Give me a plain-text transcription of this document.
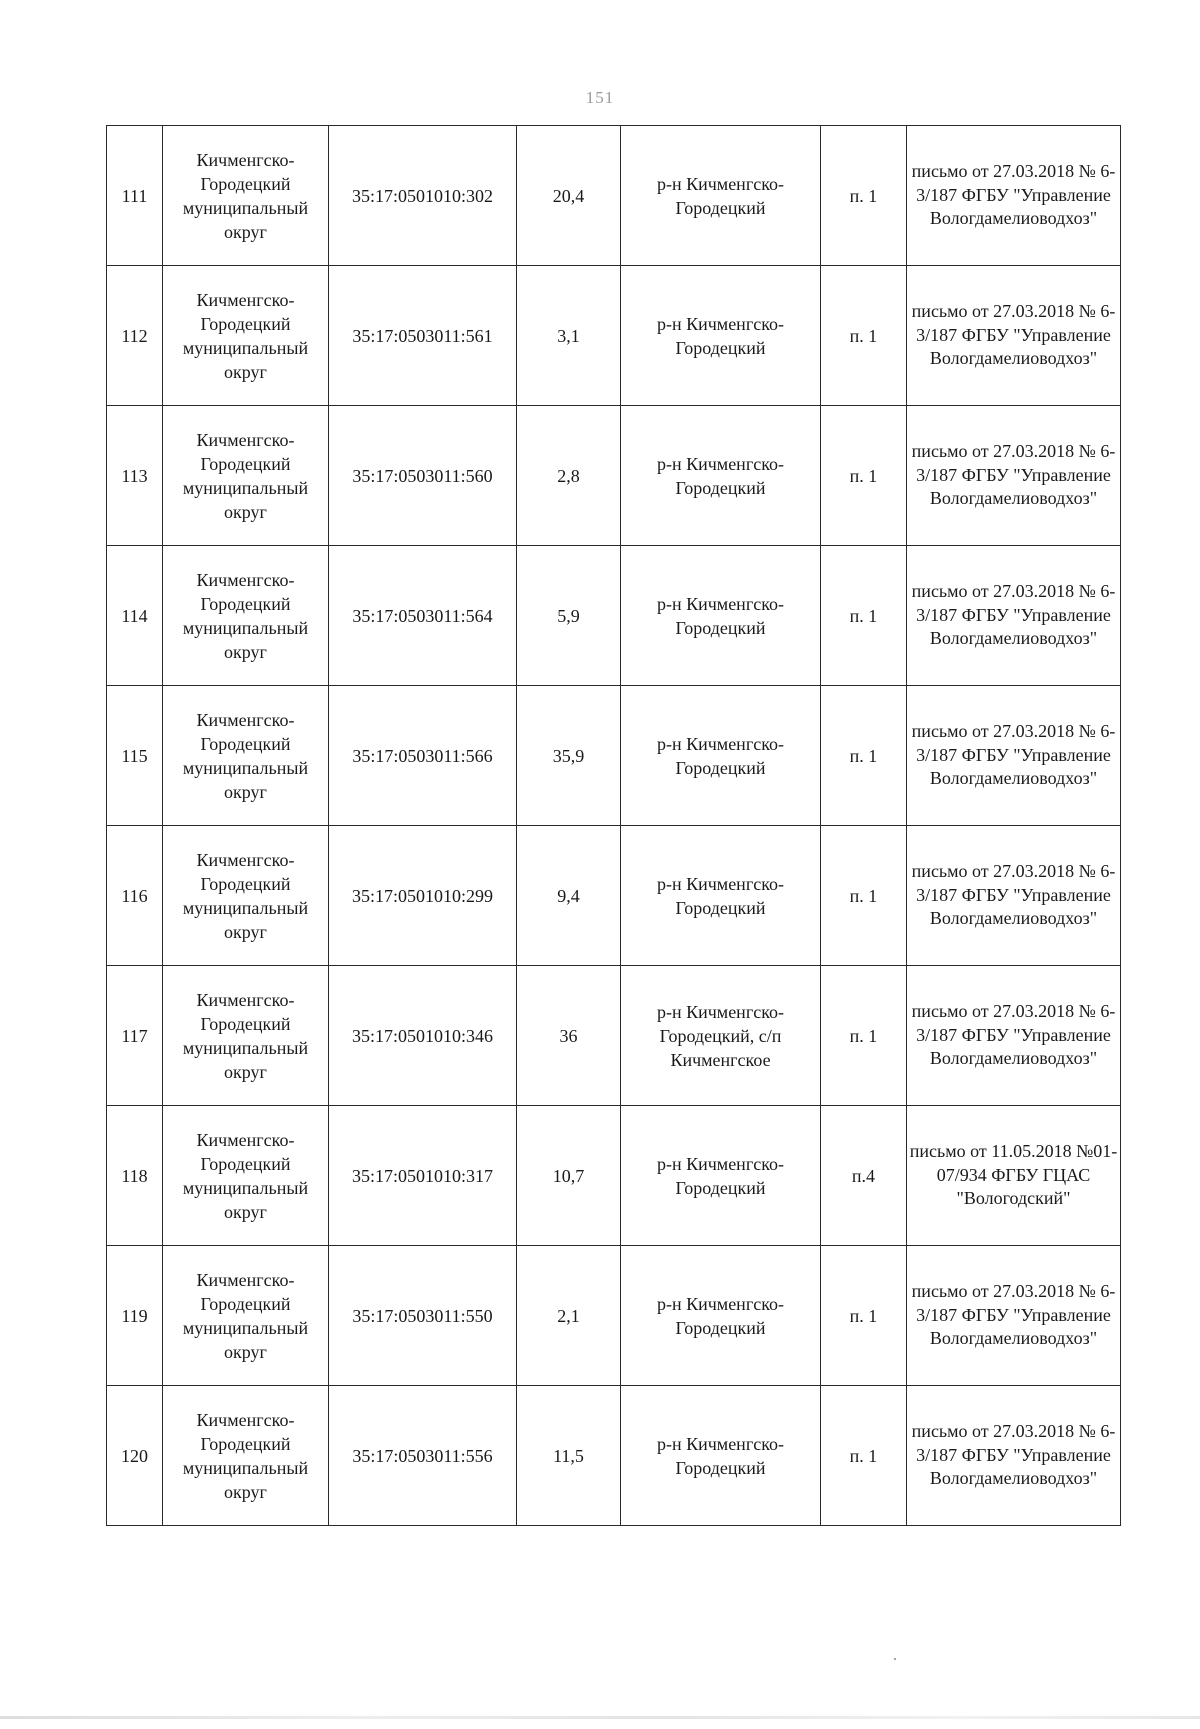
151
111	Кичменгско-Городецкий муниципальный округ	35:17:0501010:302	20,4	р-н Кичменгско-Городецкий	п. 1	письмо от 27.03.2018 № 6-3/187 ФГБУ "Управление Вологдамелиоводхоз"
112	Кичменгско-Городецкий муниципальный округ	35:17:0503011:561	3,1	р-н Кичменгско-Городецкий	п. 1	письмо от 27.03.2018 № 6-3/187 ФГБУ "Управление Вологдамелиоводхоз"
113	Кичменгско-Городецкий муниципальный округ	35:17:0503011:560	2,8	р-н Кичменгско-Городецкий	п. 1	письмо от 27.03.2018 № 6-3/187 ФГБУ "Управление Вологдамелиоводхоз"
114	Кичменгско-Городецкий муниципальный округ	35:17:0503011:564	5,9	р-н Кичменгско-Городецкий	п. 1	письмо от 27.03.2018 № 6-3/187 ФГБУ "Управление Вологдамелиоводхоз"
115	Кичменгско-Городецкий муниципальный округ	35:17:0503011:566	35,9	р-н Кичменгско-Городецкий	п. 1	письмо от 27.03.2018 № 6-3/187 ФГБУ "Управление Вологдамелиоводхоз"
116	Кичменгско-Городецкий муниципальный округ	35:17:0501010:299	9,4	р-н Кичменгско-Городецкий	п. 1	письмо от 27.03.2018 № 6-3/187 ФГБУ "Управление Вологдамелиоводхоз"
117	Кичменгско-Городецкий муниципальный округ	35:17:0501010:346	36	р-н Кичменгско-Городецкий, с/п Кичменгское	п. 1	письмо от 27.03.2018 № 6-3/187 ФГБУ "Управление Вологдамелиоводхоз"
118	Кичменгско-Городецкий муниципальный округ	35:17:0501010:317	10,7	р-н Кичменгско-Городецкий	п.4	письмо от 11.05.2018 №01-07/934 ФГБУ ГЦАС "Вологодский"
119	Кичменгско-Городецкий муниципальный округ	35:17:0503011:550	2,1	р-н Кичменгско-Городецкий	п. 1	письмо от 27.03.2018 № 6-3/187 ФГБУ "Управление Вологдамелиоводхоз"
120	Кичменгско-Городецкий муниципальный округ	35:17:0503011:556	11,5	р-н Кичменгско-Городецкий	п. 1	письмо от 27.03.2018 № 6-3/187 ФГБУ "Управление Вологдамелиоводхоз"
